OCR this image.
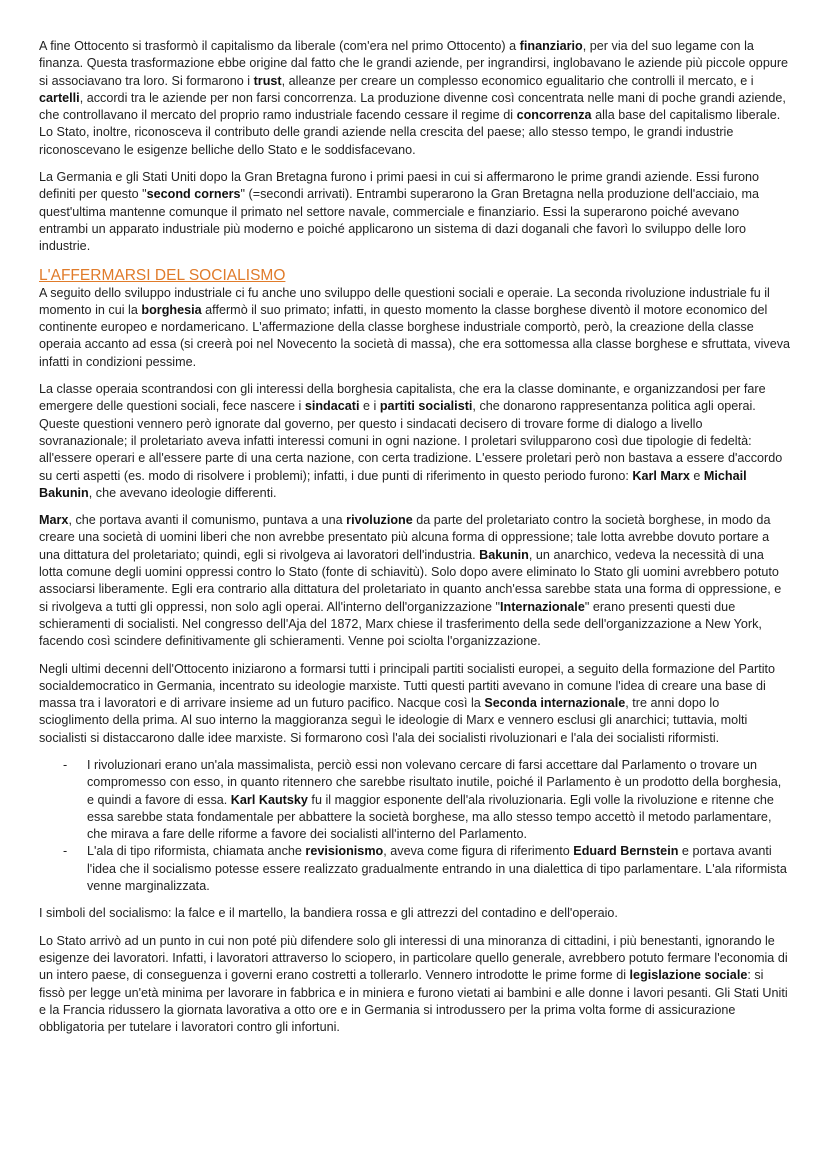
A fine Ottocento si trasformò il capitalismo da liberale (com'era nel primo Ottocento) a finanziario, per via del suo legame con la finanza. Questa trasformazione ebbe origine dal fatto che le grandi aziende, per ingrandirsi, inglobavano le aziende più piccole oppure si associavano tra loro. Si formarono i trust, alleanze per creare un complesso economico egualitario che controlli il mercato, e i cartelli, accordi tra le aziende per non farsi concorrenza. La produzione divenne così concentrata nelle mani di poche grandi aziende, che controllavano il mercato del proprio ramo industriale facendo cessare il regime di concorrenza alla base del capitalismo liberale. Lo Stato, inoltre, riconosceva il contributo delle grandi aziende nella crescita del paese; allo stesso tempo, le grandi industrie riconoscevano le esigenze belliche dello Stato e le soddisfacevano.

La Germania e gli Stati Uniti dopo la Gran Bretagna furono i primi paesi in cui si affermarono le prime grandi aziende. Essi furono definiti per questo "second corners" (=secondi arrivati). Entrambi superarono la Gran Bretagna nella produzione dell'acciaio, ma quest'ultima mantenne comunque il primato nel settore navale, commerciale e finanziario. Essi la superarono poiché avevano entrambi un apparato industriale più moderno e poiché applicarono un sistema di dazi doganali che favorì lo sviluppo delle loro industrie.

L'AFFERMARSI DEL SOCIALISMO

A seguito dello sviluppo industriale ci fu anche uno sviluppo delle questioni sociali e operaie. La seconda rivoluzione industriale fu il momento in cui la borghesia affermò il suo primato; infatti, in questo momento la classe borghese diventò il motore economico del continente europeo e nordamericano. L'affermazione della classe borghese industriale comportò, però, la creazione della classe operaia accanto ad essa (si creerà poi nel Novecento la società di massa), che era sottomessa alla classe borghese e sfruttata, viveva infatti in condizioni pessime.

La classe operaia scontrandosi con gli interessi della borghesia capitalista, che era la classe dominante, e organizzandosi per fare emergere delle questioni sociali, fece nascere i sindacati e i partiti socialisti, che donarono rappresentanza politica agli operai. Queste questioni vennero però ignorate dal governo, per questo i sindacati decisero di trovare forme di dialogo a livello sovranazionale; il proletariato aveva infatti interessi comuni in ogni nazione. I proletari svilupparono così due tipologie di fedeltà: all'essere operari e all'essere parte di una certa nazione, con certa tradizione. L'essere proletari però non bastava a essere d'accordo su certi aspetti (es. modo di risolvere i problemi); infatti, i due punti di riferimento in questo periodo furono: Karl Marx e Michail Bakunin, che avevano ideologie differenti.

Marx, che portava avanti il comunismo, puntava a una rivoluzione da parte del proletariato contro la società borghese, in modo da creare una società di uomini liberi che non avrebbe presentato più alcuna forma di oppressione; tale lotta avrebbe dovuto portare a una dittatura del proletariato; quindi, egli si rivolgeva ai lavoratori dell'industria. Bakunin, un anarchico, vedeva la necessità di una lotta comune degli uomini oppressi contro lo Stato (fonte di schiavitù). Solo dopo avere eliminato lo Stato gli uomini avrebbero potuto associarsi liberamente. Egli era contrario alla dittatura del proletariato in quanto anch'essa sarebbe stata una forma di oppressione, e si rivolgeva a tutti gli oppressi, non solo agli operai. All'interno dell'organizzazione "Internazionale" erano presenti questi due schieramenti di socialisti. Nel congresso dell'Aja del 1872, Marx chiese il trasferimento della sede dell'organizzazione a New York, facendo così scindere definitivamente gli schieramenti. Venne poi sciolta l'organizzazione.

Negli ultimi decenni dell'Ottocento iniziarono a formarsi tutti i principali partiti socialisti europei, a seguito della formazione del Partito socialdemocratico in Germania, incentrato su ideologie marxiste. Tutti questi partiti avevano in comune l'idea di creare una base di massa tra i lavoratori e di arrivare insieme ad un futuro pacifico. Nacque così la Seconda internazionale, tre anni dopo lo scioglimento della prima. Al suo interno la maggioranza seguì le ideologie di Marx e vennero esclusi gli anarchici; tuttavia, molti socialisti si distaccarono dalle idee marxiste. Si formarono così l'ala dei socialisti rivoluzionari e l'ala dei socialisti riformisti.

- I rivoluzionari erano un'ala massimalista, perciò essi non volevano cercare di farsi accettare dal Parlamento o trovare un compromesso con esso, in quanto ritennero che sarebbe risultato inutile, poiché il Parlamento è un prodotto della borghesia, e quindi a favore di essa. Karl Kautsky fu il maggior esponente dell'ala rivoluzionaria. Egli volle la rivoluzione e ritenne che essa sarebbe stata fondamentale per abbattere la società borghese, ma allo stesso tempo accettò il metodo parlamentare, che mirava a fare delle riforme a favore dei socialisti all'interno del Parlamento.
- L'ala di tipo riformista, chiamata anche revisionismo, aveva come figura di riferimento Eduard Bernstein e portava avanti l'idea che il socialismo potesse essere realizzato gradualmente entrando in una dialettica di tipo parlamentare. L'ala riformista venne marginalizzata.

I simboli del socialismo: la falce e il martello, la bandiera rossa e gli attrezzi del contadino e dell'operaio.

Lo Stato arrivò ad un punto in cui non poté più difendere solo gli interessi di una minoranza di cittadini, i più benestanti, ignorando le esigenze dei lavoratori. Infatti, i lavoratori attraverso lo sciopero, in particolare quello generale, avrebbero potuto fermare l'economia di un intero paese, di conseguenza i governi erano costretti a tollerarlo. Vennero introdotte le prime forme di legislazione sociale: si fissò per legge un'età minima per lavorare in fabbrica e in miniera e furono vietati ai bambini e alle donne i lavori pesanti. Gli Stati Uniti e la Francia ridussero la giornata lavorativa a otto ore e in Germania si introdussero per la prima volta forme di assicurazione obbligatoria per tutelare i lavoratori contro gli infortuni.
